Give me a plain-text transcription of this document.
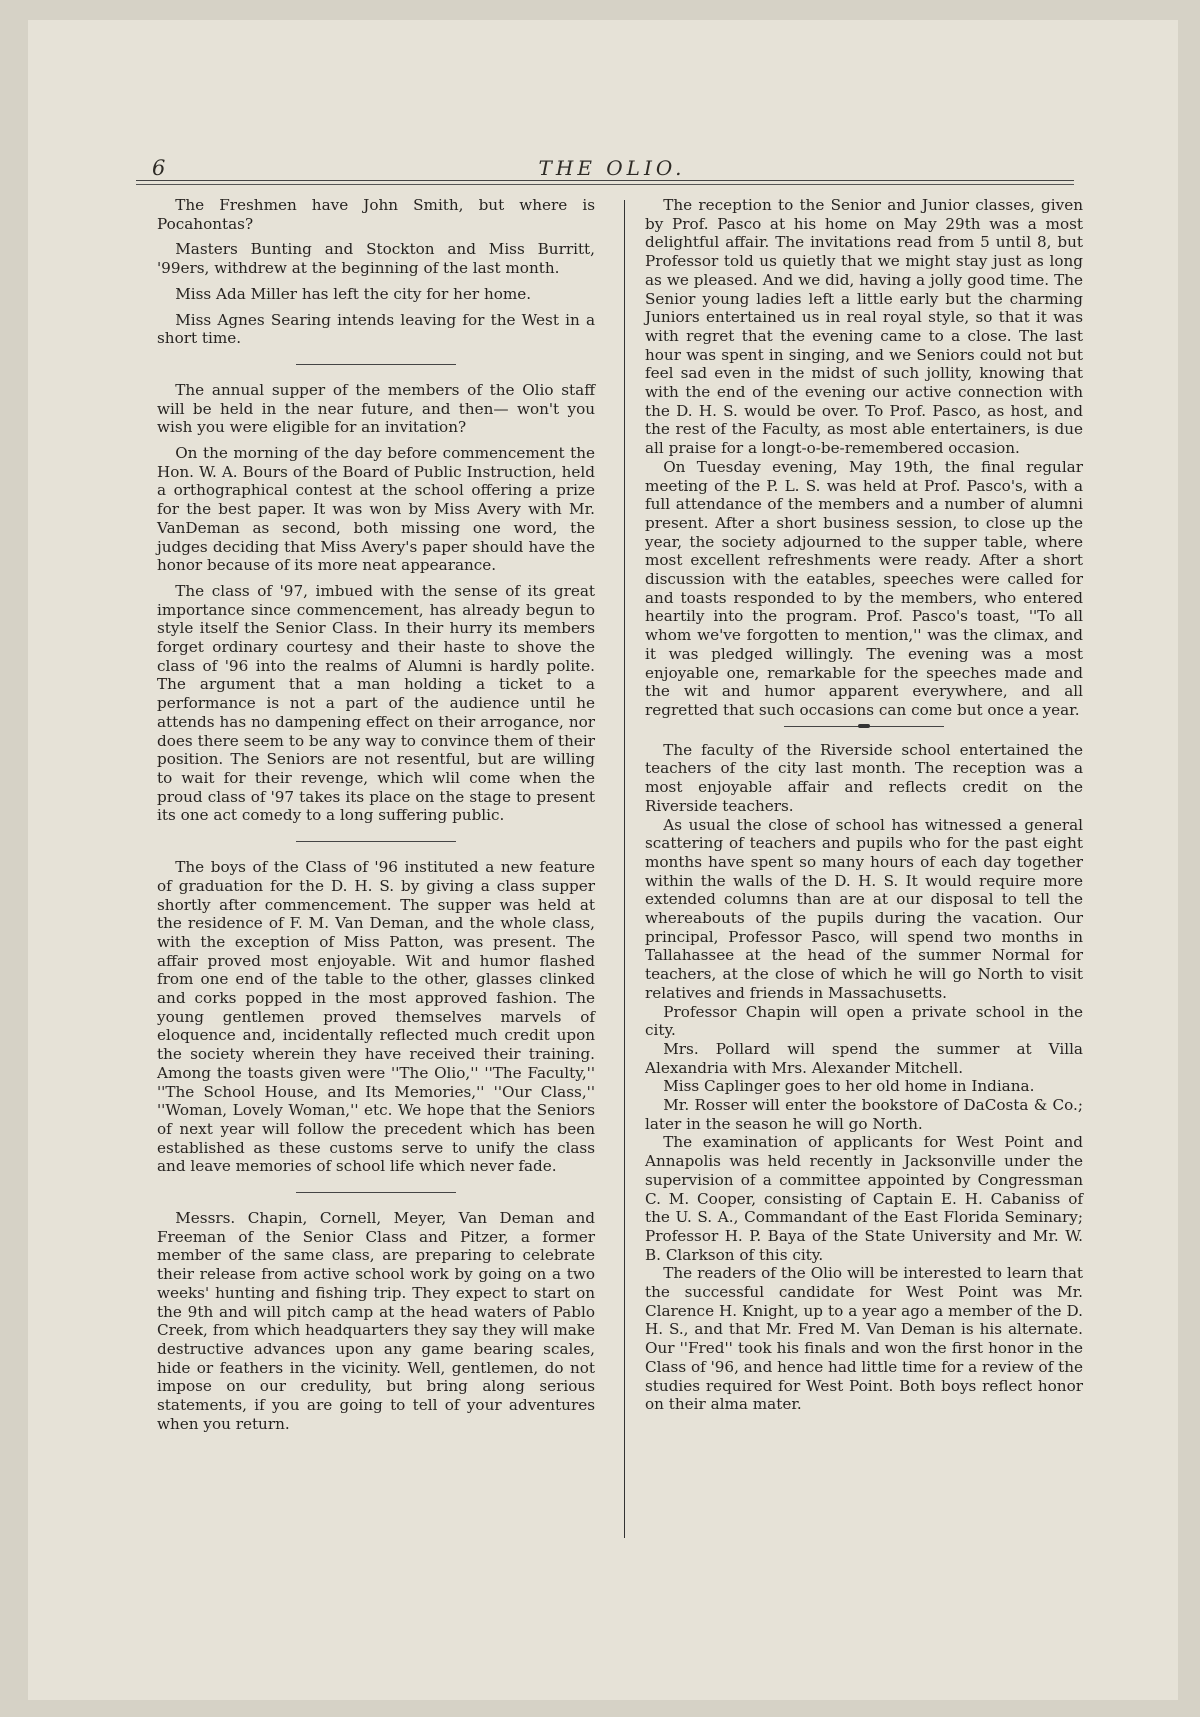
6	THE OLIO.

The Freshmen have John Smith, but where is Pocahontas?

Masters Bunting and Stockton and Miss Burritt, '99ers, withdrew at the beginning of the last month.

Miss Ada Miller has left the city for her home.

Miss Agnes Searing intends leaving for the West in a short time.

The annual supper of the members of the Olio staff will be held in the near future, and then— won't you wish you were eligible for an invitation?

On the morning of the day before commencement the Hon. W. A. Bours of the Board of Public Instruction, held a orthographical contest at the school offering a prize for the best paper. It was won by Miss Avery with Mr. VanDeman as second, both missing one word, the judges deciding that Miss Avery's paper should have the honor because of its more neat appearance.

The class of '97, imbued with the sense of its great importance since commencement, has already begun to style itself the Senior Class. In their hurry its members forget ordinary courtesy and their haste to shove the class of '96 into the realms of Alumni is hardly polite. The argument that a man holding a ticket to a performance is not a part of the audience until he attends has no dampening effect on their arrogance, nor does there seem to be any way to convince them of their position. The Seniors are not resentful, but are willing to wait for their revenge, which wlil come when the proud class of '97 takes its place on the stage to present its one act comedy to a long suffering public.

The boys of the Class of '96 instituted a new feature of graduation for the D. H. S. by giving a class supper shortly after commencement. The supper was held at the residence of F. M. Van Deman, and the whole class, with the exception of Miss Patton, was present. The affair proved most enjoyable. Wit and humor flashed from one end of the table to the other, glasses clinked and corks popped in the most approved fashion. The young gentlemen proved themselves marvels of eloquence and, incidentally reflected much credit upon the society wherein they have received their training. Among the toasts given were ''The Olio,'' ''The Faculty,'' ''The School House, and Its Memories,'' ''Our Class,'' ''Woman, Lovely Woman,'' etc. We hope that the Seniors of next year will follow the precedent which has been established as these customs serve to unify the class and leave memories of school life which never fade.

Messrs. Chapin, Cornell, Meyer, Van Deman and Freeman of the Senior Class and Pitzer, a former member of the same class, are preparing to celebrate their release from active school work by going on a two weeks' hunting and fishing trip. They expect to start on the 9th and will pitch camp at the head waters of Pablo Creek, from which headquarters they say they will make destructive advances upon any game bearing scales, hide or feathers in the vicinity. Well, gentlemen, do not impose on our credulity, but bring along serious statements, if you are going to tell of your adventures when you return.

The reception to the Senior and Junior classes, given by Prof. Pasco at his home on May 29th was a most delightful affair. The invitations read from 5 until 8, but Professor told us quietly that we might stay just as long as we pleased. And we did, having a jolly good time. The Senior young ladies left a little early but the charming Juniors entertained us in real royal style, so that it was with regret that the evening came to a close. The last hour was spent in singing, and we Seniors could not but feel sad even in the midst of such jollity, knowing that with the end of the evening our active connection with the D. H. S. would be over. To Prof. Pasco, as host, and the rest of the Faculty, as most able entertainers, is due all praise for a longt-o-be-remembered occasion.

On Tuesday evening, May 19th, the final regular meeting of the P. L. S. was held at Prof. Pasco's, with a full attendance of the members and a number of alumni present. After a short business session, to close up the year, the society adjourned to the supper table, where most excellent refreshments were ready. After a short discussion with the eatables, speeches were called for and toasts responded to by the members, who entered heartily into the program. Prof. Pasco's toast, ''To all whom we've forgotten to mention,'' was the climax, and it was pledged willingly. The evening was a most enjoyable one, remarkable for the speeches made and the wit and humor apparent everywhere, and all regretted that such occasions can come but once a year.

The faculty of the Riverside school entertained the teachers of the city last month. The reception was a most enjoyable affair and reflects credit on the Riverside teachers.

As usual the close of school has witnessed a general scattering of teachers and pupils who for the past eight months have spent so many hours of each day together within the walls of the D. H. S. It would require more extended columns than are at our disposal to tell the whereabouts of the pupils during the vacation. Our principal, Professor Pasco, will spend two months in Tallahassee at the head of the summer Normal for teachers, at the close of which he will go North to visit relatives and friends in Massachusetts.

Professor Chapin will open a private school in the city.

Mrs. Pollard will spend the summer at Villa Alexandria with Mrs. Alexander Mitchell.

Miss Caplinger goes to her old home in Indiana.

Mr. Rosser will enter the bookstore of DaCosta & Co.; later in the season he will go North.

The examination of applicants for West Point and Annapolis was held recently in Jacksonville under the supervision of a committee appointed by Congressman C. M. Cooper, consisting of Captain E. H. Cabaniss of the U. S. A., Commandant of the East Florida Seminary; Professor H. P. Baya of the State University and Mr. W. B. Clarkson of this city.

The readers of the Olio will be interested to learn that the successful candidate for West Point was Mr. Clarence H. Knight, up to a year ago a member of the D. H. S., and that Mr. Fred M. Van Deman is his alternate. Our ''Fred'' took his finals and won the first honor in the Class of '96, and hence had little time for a review of the studies required for West Point. Both boys reflect honor on their alma mater.
